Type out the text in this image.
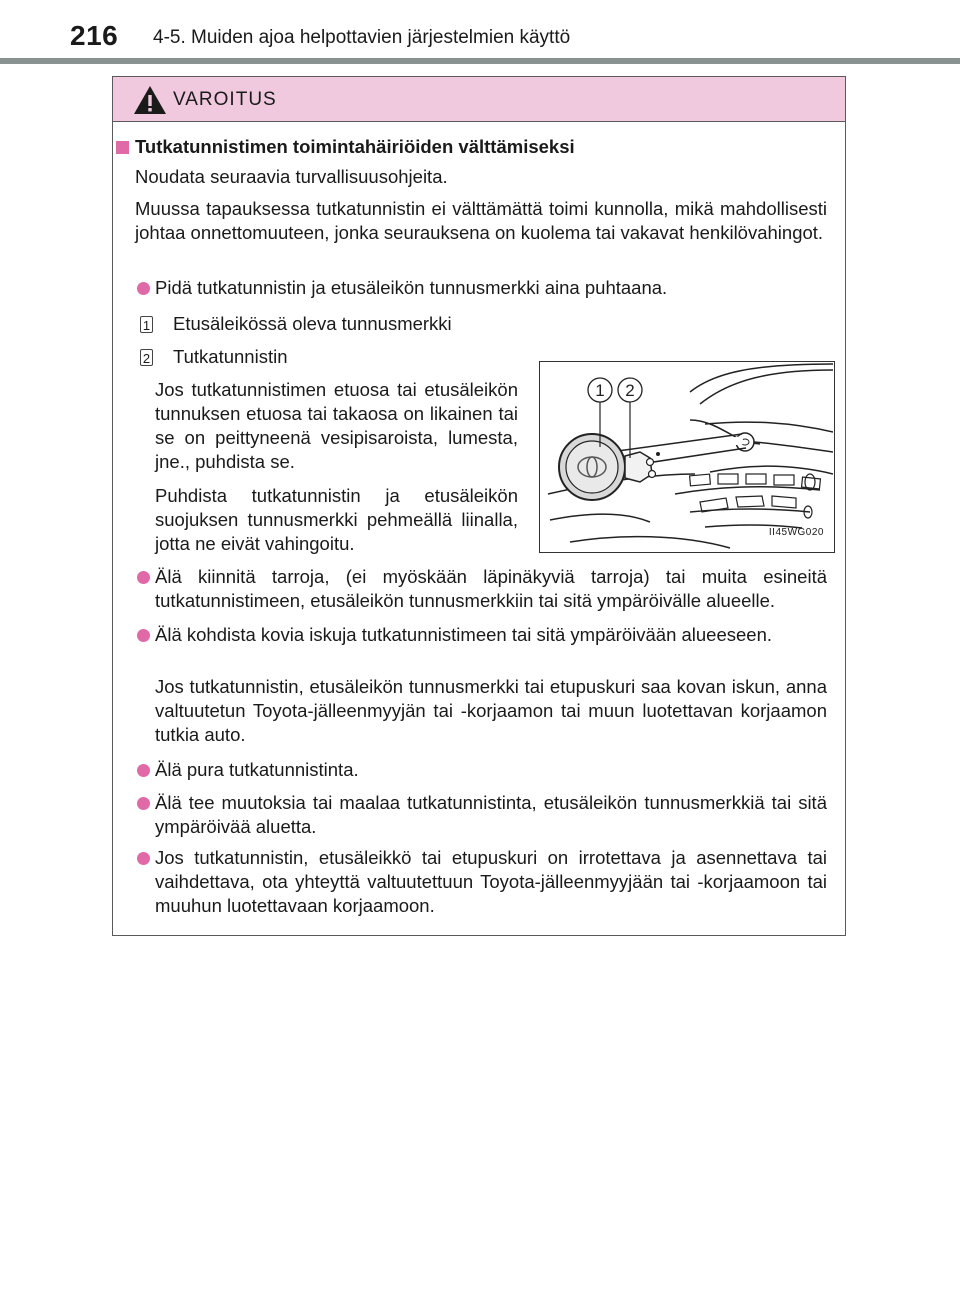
216 4-5. Muiden ajoa helpottavien järjestelmien käyttö
VAROITUS
Tutkatunnistimen toimintahäiriöiden välttämiseksi
Noudata seuraavia turvallisuusohjeita.
Muussa tapauksessa tutkatunnistin ei välttämättä toimi kunnolla, mikä mahdollisesti johtaa onnettomuuteen, jonka seurauksena on kuolema tai vakavat henkilövahingot.
Pidä tutkatunnistin ja etusäleikön tunnusmerkki aina puhtaana.
1 Etusäleikössä oleva tunnusmerkki
2 Tutkatunnistin
Jos tutkatunnistimen etuosa tai etusäleikön tunnuksen etuosa tai takaosa on likainen tai se on peittyneenä vesipisaroista, lumesta, jne., puhdista se.
Puhdista tutkatunnistin ja etusäleikön suojuksen tunnusmerkki pehmeällä liinalla, jotta ne eivät vahingoitu.
Älä kiinnitä tarroja, (ei myöskään läpinäkyviä tarroja) tai muita esineitä tutkatunnistimeen, etusäleikön tunnusmerkkiin tai sitä ympäröivälle alueelle.
Älä kohdista kovia iskuja tutkatunnistimeen tai sitä ympäröivään alueeseen.
Jos tutkatunnistin, etusäleikön tunnusmerkki tai etupuskuri saa kovan iskun, anna valtuutetun Toyota-jälleenmyyjän tai -korjaamon tai muun luotettavan korjaamon tutkia auto.
Älä pura tutkatunnistinta.
Älä tee muutoksia tai maalaa tutkatunnistinta, etusäleikön tunnusmerkkiä tai sitä ympäröivää aluetta.
Jos tutkatunnistin, etusäleikkö tai etupuskuri on irrotettava ja asennettava tai vaihdettava, ota yhteyttä valtuutettuun Toyota-jälleenmyyjään tai -korjaamoon tai muuhun luotettavaan korjaamoon.
1 2
II45WG020
